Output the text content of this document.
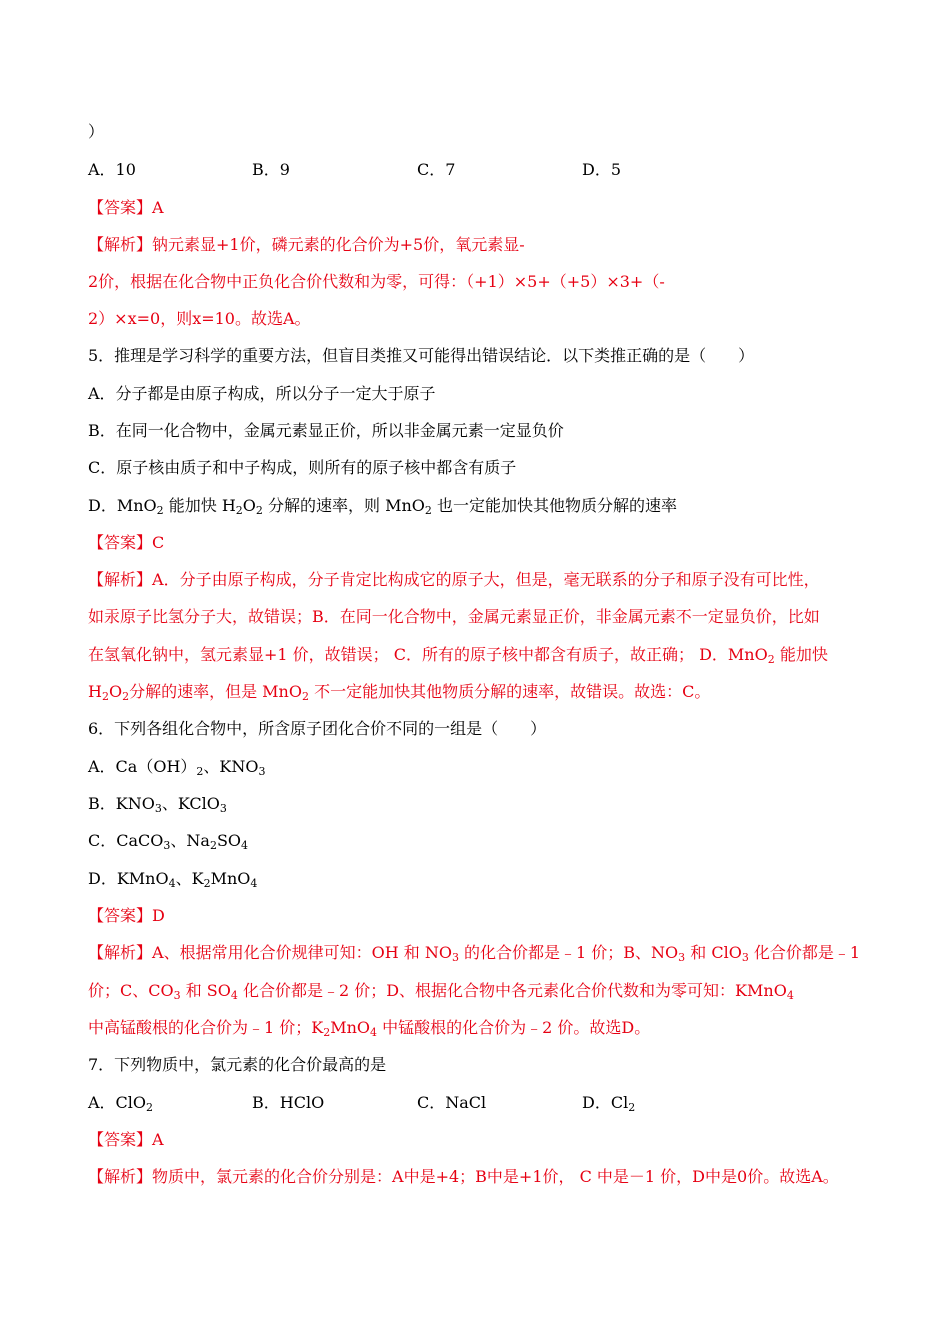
）
A．10	B．9	C．7	D．5
【答案】A
【解析】钠元素显+1价，磷元素的化合价为+5价，氧元素显-
2价，根据在化合物中正负化合价代数和为零，可得：（+1）×5+（+5）×3+（-
2）×x=0，则x=10。故选A。
5．推理是学习科学的重要方法，但盲目类推又可能得出错误结论．以下类推正确的是（　　）
A．分子都是由原子构成，所以分子一定大于原子
B．在同一化合物中，金属元素显正价，所以非金属元素一定显负价
C．原子核由质子和中子构成，则所有的原子核中都含有质子
D．MnO$_2$ 能加快 $H_2O_2$ 分解的速率，则 MnO$_2$ 也一定能加快其他物质分解的速率
【答案】C
【解析】A．分子由原子构成，分子肯定比构成它的原子大，但是，毫无联系的分子和原子没有可比性，
如汞原子比氢分子大，故错误；B．在同一化合物中，金属元素显正价，非金属元素不一定显负价，比如
在氢氧化钠中，氢元素显+1 价，故错误； C．所有的原子核中都含有质子，故正确； D．MnO$_2$ 能加快
$H_2O_2$分解的速率，但是 MnO$_2$ 不一定能加快其他物质分解的速率，故错误。故选：C。
6．下列各组化合物中，所含原子团化合价不同的一组是（　　）
A．$Ca(OH)_2$、$KNO_3$
B．$KNO_3$、KClO$_3$
C．CaCO$_3$、$Na_2SO_4$
D．KMnO$_4$、$K_2MnO_4$
【答案】D
【解析】A、根据常用化合价规律可知：OH 和 $NO_3$ 的化合价都是﹣1 价；B、$NO_3$ 和 ClO$_3$ 化合价都是﹣1
价；C、$CO_3$ 和 $SO_4$ 化合价都是﹣2 价；D、根据化合物中各元素化合价代数和为零可知：KMnO$_4$
中高锰酸根的化合价为﹣1 价；$K_2MnO_4$ 中锰酸根的化合价为﹣2 价。故选D。
7．下列物质中，氯元素的化合价最高的是
A．ClO$_2$	B．HClO	C．NaCl	D．$Cl_2$
【答案】A
【解析】物质中，氯元素的化合价分别是：A中是+4；B中是+1价， C 中是－1 价，D中是0价。故选A。
